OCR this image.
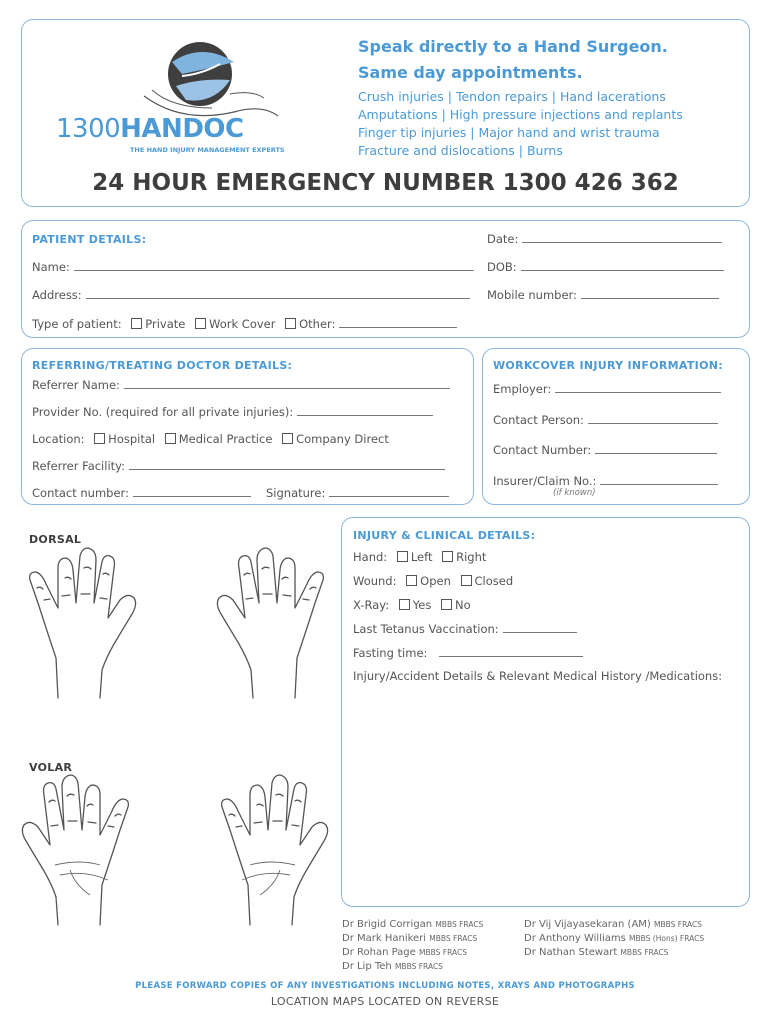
1300HANDOC
THE HAND INJURY MANAGEMENT EXPERTS
Speak directly to a Hand Surgeon.
Same day appointments.
Crush injuries | Tendon repairs | Hand lacerations
Amputations | High pressure injections and replants
Finger tip injuries | Major hand and wrist trauma
Fracture and dislocations | Burns
24 HOUR EMERGENCY NUMBER 1300 426 362
PATIENT DETAILS:	Date:
Name:	DOB:
Address:	Mobile number:
Type of patient: Private Work Cover Other:
REFERRING/TREATING DOCTOR DETAILS:
Referrer Name:
Provider No. (required for all private injuries):
Location: Hospital Medical Practice Company Direct
Referrer Facility:
Contact number:	Signature:
WORKCOVER INJURY INFORMATION:
Employer:
Contact Person:
Contact Number:
Insurer/Claim No.:
(if known)
DORSAL
VOLAR
INJURY & CLINICAL DETAILS:
Hand: Left Right
Wound: Open Closed
X-Ray: Yes No
Last Tetanus Vaccination:
Fasting time:
Injury/Accident Details & Relevant Medical History /Medications:
Dr Brigid Corrigan MBBS FRACS
Dr Mark Hanikeri MBBS FRACS
Dr Rohan Page MBBS FRACS
Dr Lip Teh MBBS FRACS
Dr Vij Vijayasekaran (AM) MBBS FRACS
Dr Anthony Williams MBBS (Hons) FRACS
Dr Nathan Stewart MBBS FRACS
PLEASE FORWARD COPIES OF ANY INVESTIGATIONS INCLUDING NOTES, XRAYS AND PHOTOGRAPHS
LOCATION MAPS LOCATED ON REVERSE
